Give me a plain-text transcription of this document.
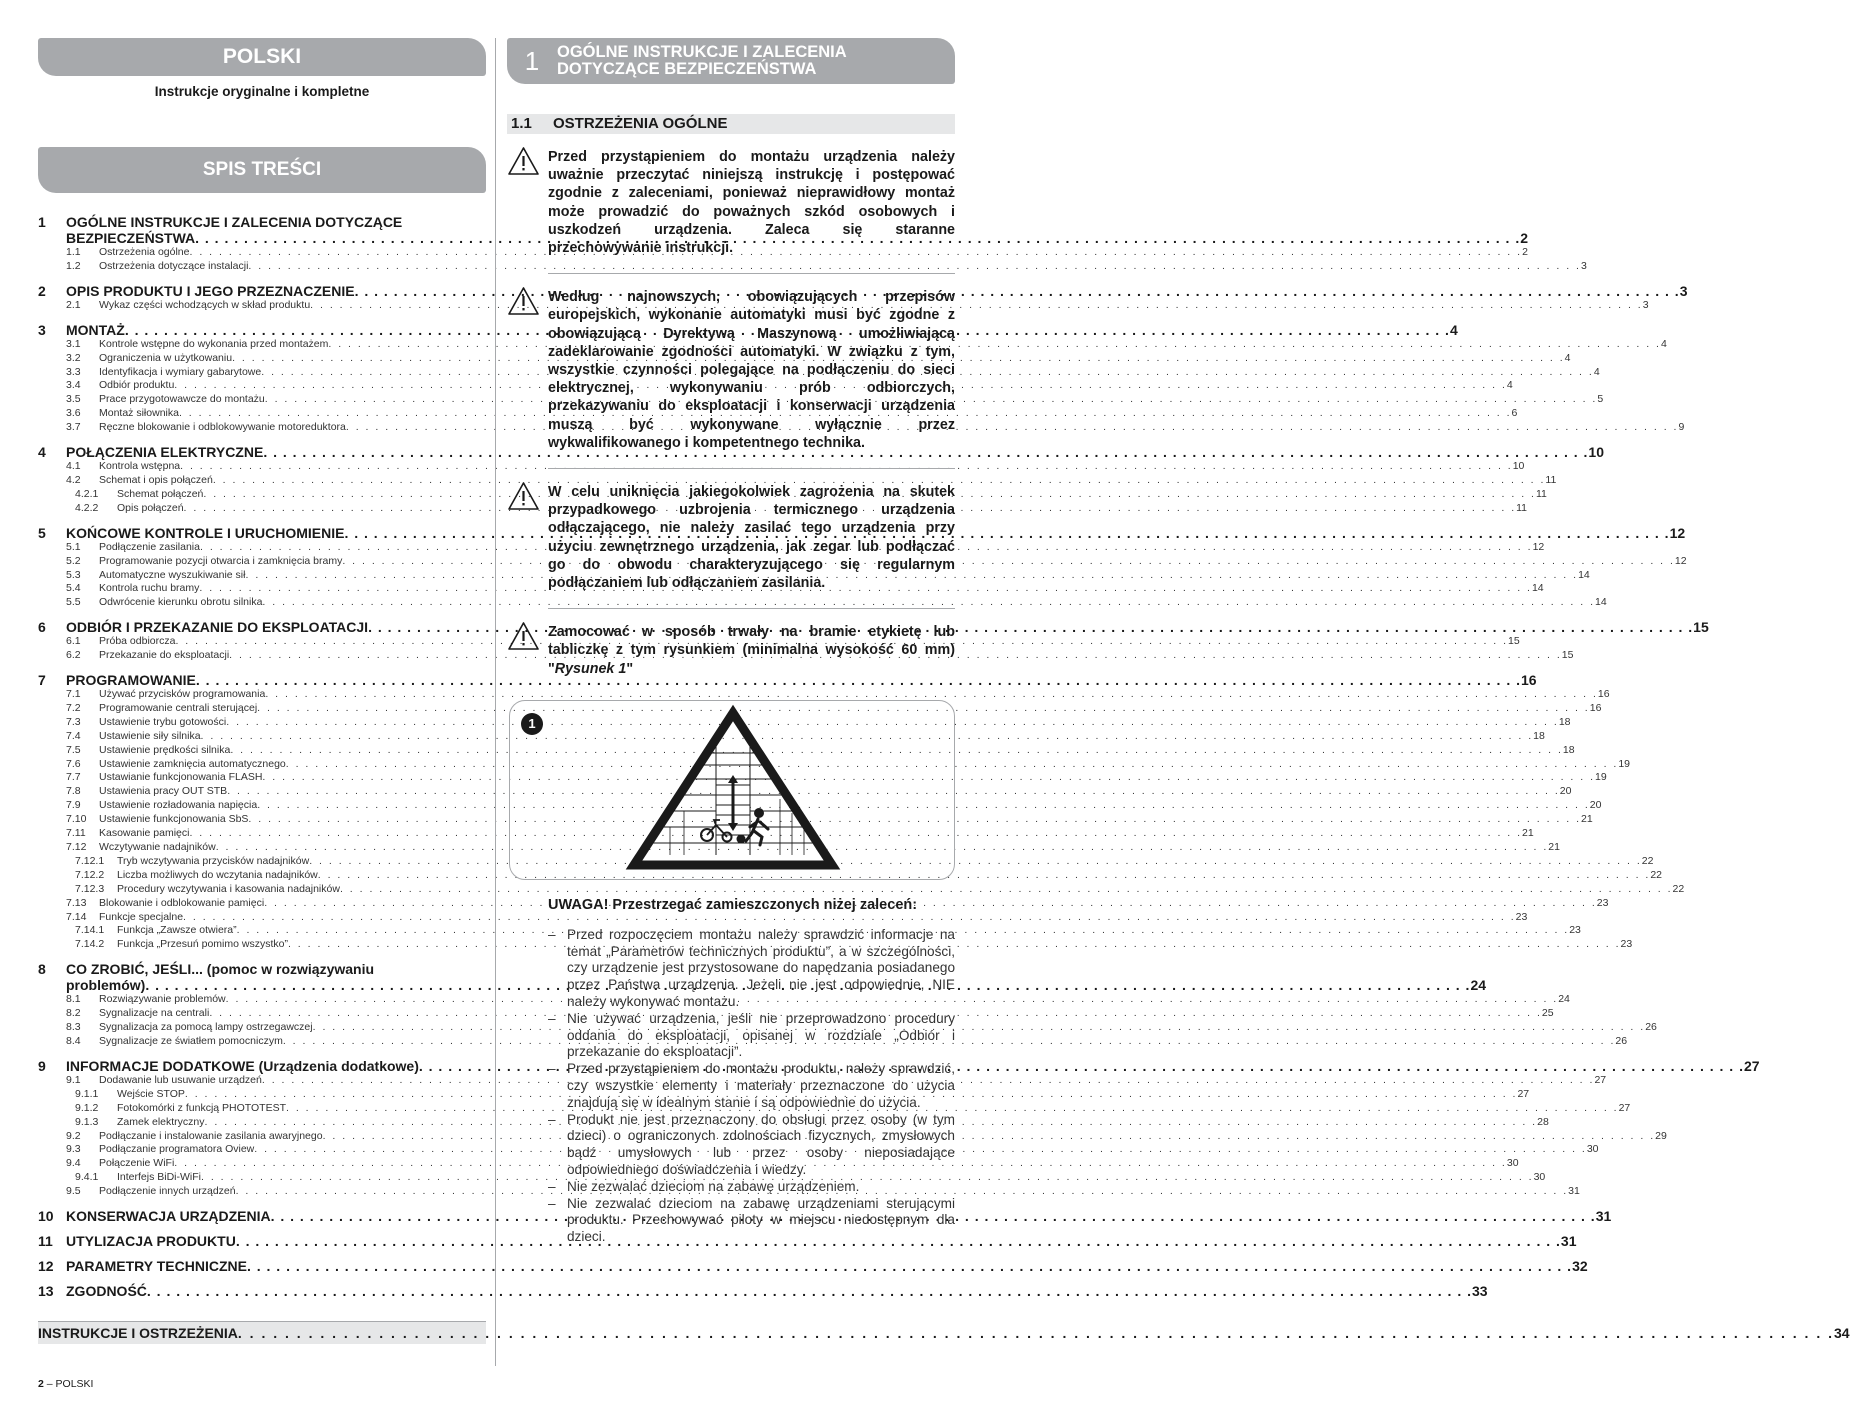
POLSKI
Instrukcje oryginalne i kompletne
SPIS TREŚCI
1	OGÓLNE INSTRUKCJE I ZALECENIA DOTYCZĄCE
BEZPIECZEŃSTWA . . .	2
1.1 Ostrzeżenia ogólne . . .	2
1.2 Ostrzeżenia dotyczące instalacji . . .	3
2	OPIS PRODUKTU I JEGO PRZEZNACZENIE . . .	3
2.1 Wykaz części wchodzących w skład produktu . . .	3
3	MONTAŻ . . .	4
3.1 Kontrole wstępne do wykonania przed montażem . . .	4
3.2 Ograniczenia w użytkowaniu . . .	4
3.3 Identyfikacja i wymiary gabarytowe . . .	4
3.4 Odbiór produktu . . .	4
3.5 Prace przygotowawcze do montażu . . .	5
3.6 Montaż siłownika . . .	6
3.7 Ręczne blokowanie i odblokowywanie motoreduktora . . .	9
4	POŁĄCZENIA ELEKTRYCZNE . . .	10
4.1 Kontrola wstępna . . .	10
4.2 Schemat i opis połączeń . . .	11
4.2.1 Schemat połączeń . . .	11
4.2.2 Opis połączeń . . .	11
5	KOŃCOWE KONTROLE I URUCHOMIENIE . . .	12
5.1 Podłączenie zasilania . . .	12
5.2 Programowanie pozycji otwarcia i zamknięcia bramy . . .	12
5.3 Automatyczne wyszukiwanie sił . . .	14
5.4 Kontrola ruchu bramy . . .	14
5.5 Odwrócenie kierunku obrotu silnika . . .	14
6	ODBIÓR I PRZEKAZANIE DO EKSPLOATACJI . . .	15
6.1 Próba odbiorcza . . .	15
6.2 Przekazanie do eksploatacji . . .	15
7	PROGRAMOWANIE . . .	16
7.1 Używać przycisków programowania . . .	16
7.2 Programowanie centrali sterującej . . .	16
7.3 Ustawienie trybu gotowości . . .	18
7.4 Ustawienie siły silnika . . .	18
7.5 Ustawienie prędkości silnika . . .	18
7.6 Ustawienie zamknięcia automatycznego . . .	19
7.7 Ustawianie funkcjonowania FLASH . . .	19
7.8 Ustawienia pracy OUT STB . . .	20
7.9 Ustawienie rozładowania napięcia . . .	20
7.10 Ustawienie funkcjonowania SbS . . .	21
7.11 Kasowanie pamięci . . .	21
7.12 Wczytywanie nadajników . . .	21
7.12.1 Tryb wczytywania przycisków nadajników . . .	22
7.12.2 Liczba możliwych do wczytania nadajników . . .	22
7.12.3 Procedury wczytywania i kasowania nadajników . . .	22
7.13 Blokowanie i odblokowanie pamięci . . .	23
7.14 Funkcje specjalne . . .	23
7.14.1 Funkcja „Zawsze otwiera” . . .	23
7.14.2 Funkcja „Przesuń pomimo wszystko” . . .	23
8	CO ZROBIĆ, JEŚLI... (pomoc w rozwiązywaniu
problemów) . . .	24
8.1 Rozwiązywanie problemów . . .	24
8.2 Sygnalizacje na centrali . . .	25
8.3 Sygnalizacja za pomocą lampy ostrzegawczej . . .	26
8.4 Sygnalizacje ze światłem pomocniczym . . .	26
9	INFORMACJE DODATKOWE (Urządzenia dodatkowe) . . .	27
9.1 Dodawanie lub usuwanie urządzeń . . .	27
9.1.1 Wejście STOP . . .	27
9.1.2 Fotokomórki z funkcją PHOTOTEST . . .	27
9.1.3 Zamek elektryczny . . .	28
9.2 Podłączanie i instalowanie zasilania awaryjnego . . .	29
9.3 Podłączanie programatora Oview . . .	30
9.4 Połączenie WiFi . . .	30
9.4.1 Interfejs BiDi-WiFi . . .	30
9.5 Podłączenie innych urządzeń . . .	31
10 KONSERWACJA URZĄDZENIA . . .	31
11 UTYLIZACJA PRODUKTU . . .	31
12 PARAMETRY TECHNICZNE . . .	32
13 ZGODNOŚĆ . . .	33
INSTRUKCJE I OSTRZEŻENIA . . .	34
1	OGÓLNE INSTRUKCJE I ZALECENIA
DOTYCZĄCE BEZPIECZEŃSTWA
1.1 OSTRZEŻENIA OGÓLNE

Przed przystąpieniem do montażu urządzenia należy uważnie przeczytać niniejszą instrukcję i postępować zgodnie z zaleceniami, ponieważ nieprawidłowy montaż może prowadzić do poważnych szkód osobowych i uszkodzeń urządzenia. Zaleca się staranne przechowywanie instrukcji.

Według najnowszych, obowiązujących przepisów europejskich, wykonanie automatyki musi być zgodne z obowiązującą Dyrektywą Maszynową umożliwiającą zadeklarowanie zgodności automatyki. W związku z tym, wszystkie czynności polegające na podłączeniu do sieci elektrycznej, wykonywaniu prób odbiorczych, przekazywaniu do eksploatacji i konserwacji urządzenia muszą być wykonywane wyłącznie przez wykwalifikowanego i kompetentnego technika.

W celu uniknięcia jakiegokolwiek zagrożenia na skutek przypadkowego uzbrojenia termicznego urządzenia odłączającego, nie należy zasilać tego urządzenia przy użyciu zewnętrznego urządzenia, jak zegar lub podłączać go do obwodu charakteryzującego się regularnym podłączaniem lub odłączaniem zasilania.

Zamocować w sposób trwały na bramie etykietę lub tabliczkę z tym rysunkiem (minimalna wysokość 60 mm) "Rysunek 1"

1
UWAGA! Przestrzegać zamieszczonych niżej zaleceń:
– Przed rozpoczęciem montażu należy sprawdzić informacje na temat „Parametrów technicznych produktu”, a w szczególności, czy urządzenie jest przystosowane do napędzania posiadanego przez Państwa urządzenia. Jeżeli nie jest odpowiednie, NIE należy wykonywać montażu.
– Nie używać urządzenia, jeśli nie przeprowadzono procedury oddania do eksploatacji, opisanej w rozdziale „Odbiór i przekazanie do eksploatacji”.
– Przed przystąpieniem do montażu produktu, należy sprawdzić, czy wszystkie elementy i materiały przeznaczone do użycia znajdują się w idealnym stanie i są odpowiednie do użycia.
– Produkt nie jest przeznaczony do obsługi przez osoby (w tym dzieci) o ograniczonych zdolnościach fizycznych, zmysłowych bądź umysłowych lub przez osoby nieposiadające odpowiedniego doświadczenia i wiedzy.
– Nie zezwalać dzieciom na zabawę urządzeniem.
– Nie zezwalać dzieciom na zabawę urządzeniami sterującymi produktu. Przechowywać piloty w miejscu niedostępnym dla dzieci.
2 – POLSKI
